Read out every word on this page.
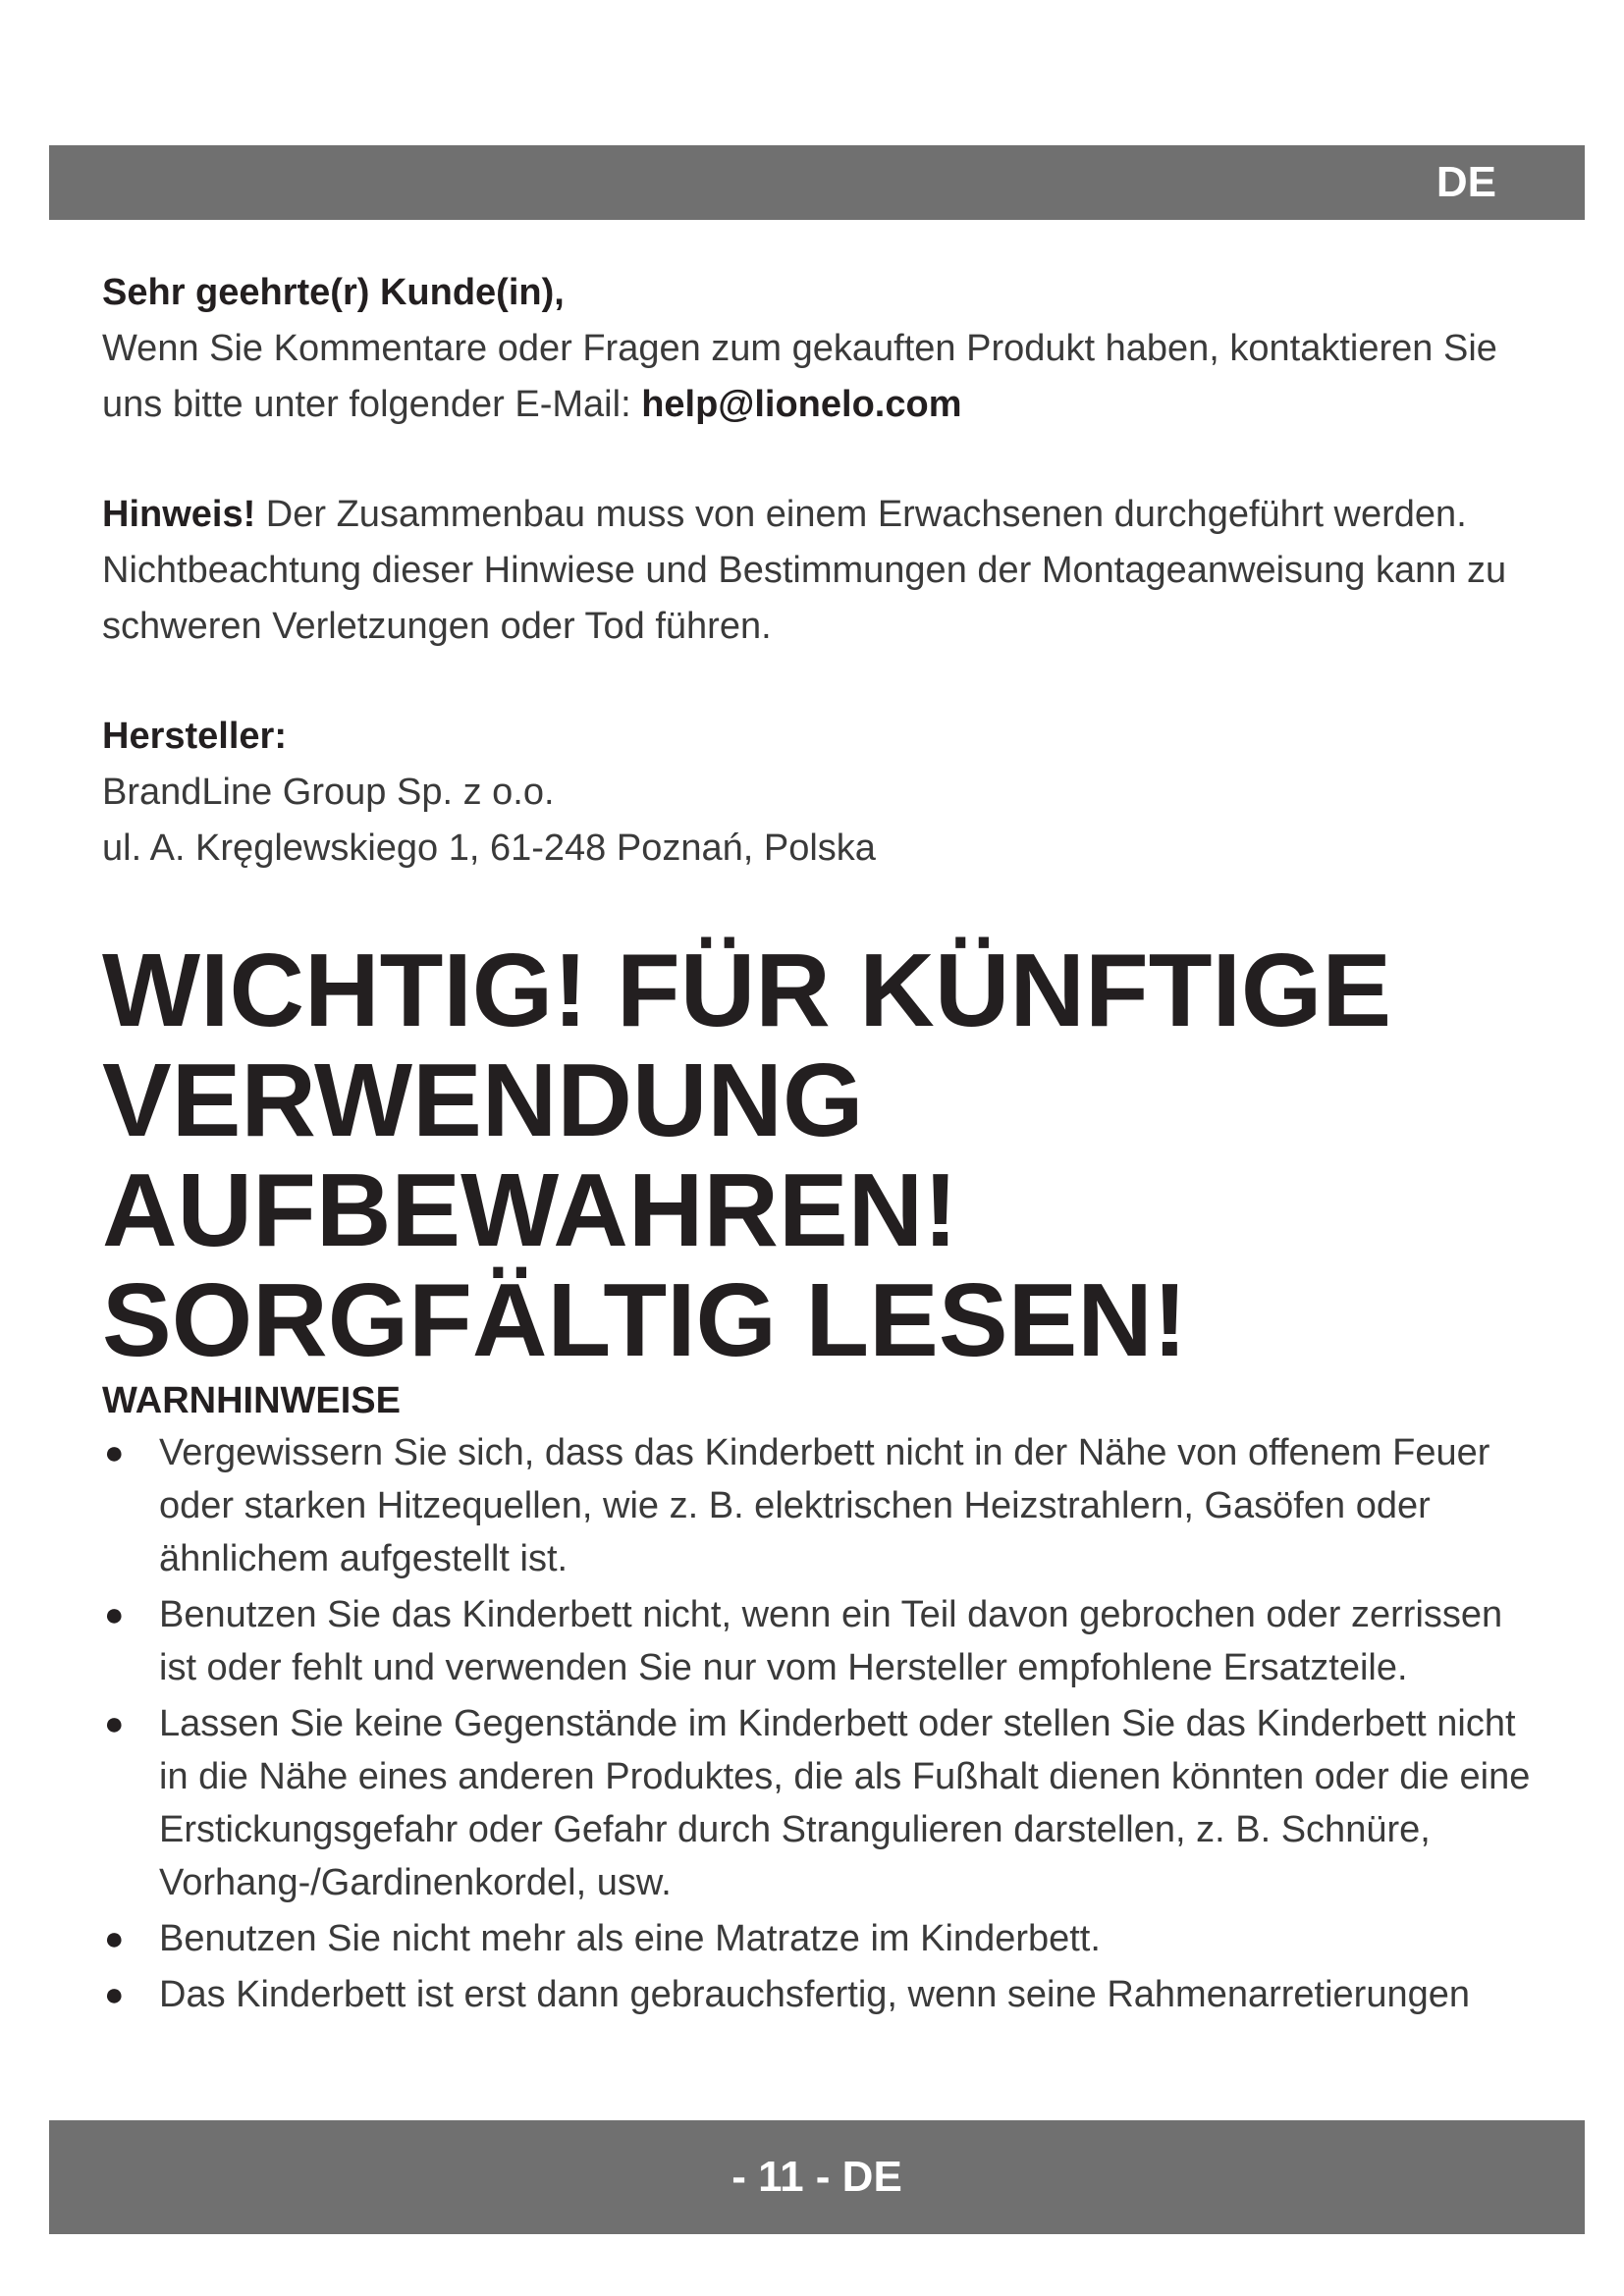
DE

Sehr geehrte(r) Kunde(in),
Wenn Sie Kommentare oder Fragen zum gekauften Produkt haben, kontaktieren Sie uns bitte unter folgender E-Mail: help@lionelo.com

Hinweis! Der Zusammenbau muss von einem Erwachsenen durchgeführt werden. Nichtbeachtung dieser Hinwiese und Bestimmungen der Montageanweisung kann zu schweren Verletzungen oder Tod führen.

Hersteller:
BrandLine Group Sp. z o.o.
ul. A. Kręglewskiego 1, 61-248 Poznań, Polska

WICHTIG! FÜR KÜNFTIGE VERWENDUNG AUFBEWAHREN! SORGFÄLTIG LESEN!
WARNHINWEISE
● Vergewissern Sie sich, dass das Kinderbett nicht in der Nähe von offenem Feuer oder starken Hitzequellen, wie z. B. elektrischen Heizstrahlern, Gasöfen oder ähnlichem aufgestellt ist.
● Benutzen Sie das Kinderbett nicht, wenn ein Teil davon gebrochen oder zerrissen ist oder fehlt und verwenden Sie nur vom Hersteller empfohlene Ersatzteile.
● Lassen Sie keine Gegenstände im Kinderbett oder stellen Sie das Kinderbett nicht in die Nähe eines anderen Produktes, die als Fußhalt dienen könnten oder die eine Erstickungsgefahr oder Gefahr durch Strangulieren darstellen, z. B. Schnüre, Vorhang-/Gardinenkordel, usw.
● Benutzen Sie nicht mehr als eine Matratze im Kinderbett.
● Das Kinderbett ist erst dann gebrauchsfertig, wenn seine Rahmenarretierungen
- 11 - DE
